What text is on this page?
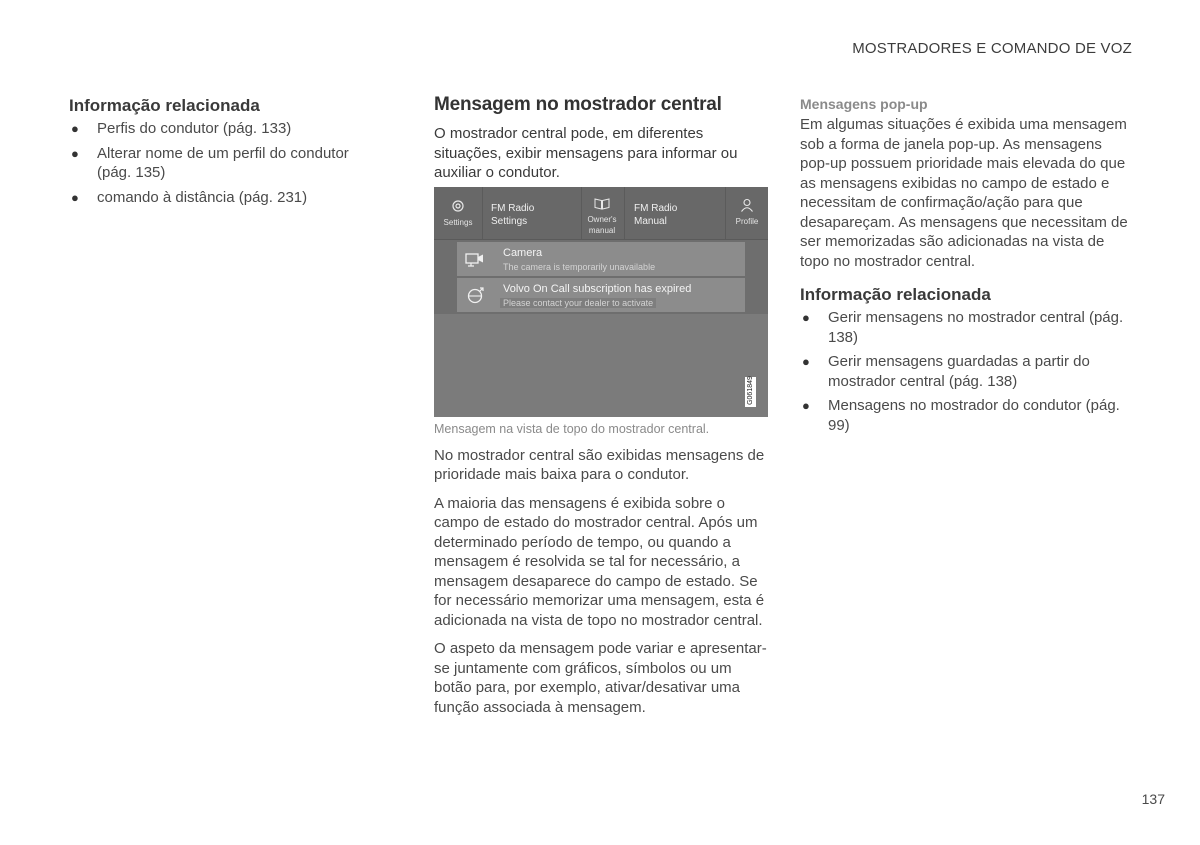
MOSTRADORES E COMANDO DE VOZ
Informação relacionada
● Perfis do condutor (pág. 133)
● Alterar nome de um perfil do condutor (pág. 135)
● comando à distância (pág. 231)
Mensagem no mostrador central

O mostrador central pode, em diferentes situações, exibir mensagens para informar ou auxiliar o condutor.

Settings
FM Radio
Settings	Owner's
manual
FM Radio
Manual	Profile
Camera
The camera is temporarily unavailable
Volvo On Call subscription has expired
Please contact your dealer to activate
G061849
Mensagem na vista de topo do mostrador central.

No mostrador central são exibidas mensagens de prioridade mais baixa para o condutor.

A maioria das mensagens é exibida sobre o campo de estado do mostrador central. Após um determinado período de tempo, ou quando a mensagem é resolvida se tal for necessário, a mensagem desaparece do campo de estado. Se for necessário memorizar uma mensagem, esta é adicionada na vista de topo no mostrador central.

O aspeto da mensagem pode variar e apresentar-se juntamente com gráficos, símbolos ou um botão para, por exemplo, ativar/desativar uma função associada à mensagem.

Mensagens pop-up

Em algumas situações é exibida uma mensagem sob a forma de janela pop-up. As mensagens pop-up possuem prioridade mais elevada do que as mensagens exibidas no campo de estado e necessitam de confirmação/ação para que desapareçam. As mensagens que necessitam de ser memorizadas são adicionadas na vista de topo no mostrador central.

Informação relacionada
● Gerir mensagens no mostrador central (pág. 138)
● Gerir mensagens guardadas a partir do mostrador central (pág. 138)
● Mensagens no mostrador do condutor (pág. 99)
137
